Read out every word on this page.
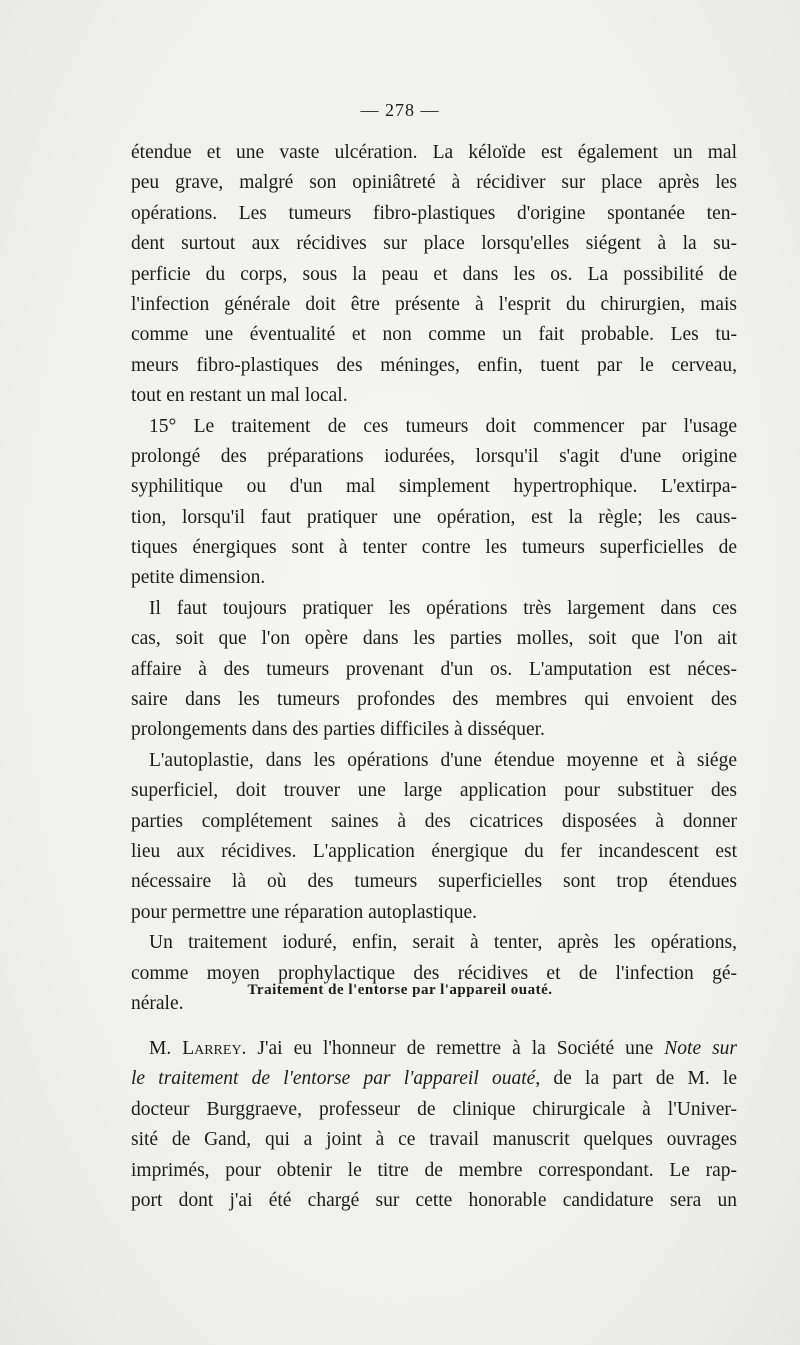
— 278 —
étendue et une vaste ulcération. La kéloïde est également un mal
peu grave, malgré son opiniâtreté à récidiver sur place après les
opérations. Les tumeurs fibro-plastiques d'origine spontanée ten-
dent surtout aux récidives sur place lorsqu'elles siégent à la su-
perficie du corps, sous la peau et dans les os. La possibilité de
l'infection générale doit être présente à l'esprit du chirurgien, mais
comme une éventualité et non comme un fait probable. Les tu-
meurs fibro-plastiques des méninges, enfin, tuent par le cerveau,
tout en restant un mal local.
15° Le traitement de ces tumeurs doit commencer par l'usage
prolongé des préparations iodurées, lorsqu'il s'agit d'une origine
syphilitique ou d'un mal simplement hypertrophique. L'extirpa-
tion, lorsqu'il faut pratiquer une opération, est la règle; les caus-
tiques énergiques sont à tenter contre les tumeurs superficielles de
petite dimension.
Il faut toujours pratiquer les opérations très largement dans ces
cas, soit que l'on opère dans les parties molles, soit que l'on ait
affaire à des tumeurs provenant d'un os. L'amputation est néces-
saire dans les tumeurs profondes des membres qui envoient des
prolongements dans des parties difficiles à disséquer.
L'autoplastie, dans les opérations d'une étendue moyenne et à siége
superficiel, doit trouver une large application pour substituer des
parties complétement saines à des cicatrices disposées à donner
lieu aux récidives. L'application énergique du fer incandescent est
nécessaire là où des tumeurs superficielles sont trop étendues
pour permettre une réparation autoplastique.
Un traitement ioduré, enfin, serait à tenter, après les opérations,
comme moyen prophylactique des récidives et de l'infection gé-
nérale.
Traitement de l'entorse par l'appareil ouaté.
M. Larrey. J'ai eu l'honneur de remettre à la Société une Note sur
le traitement de l'entorse par l'appareil ouaté, de la part de M. le
docteur Burggraeve, professeur de clinique chirurgicale à l'Univer-
sité de Gand, qui a joint à ce travail manuscrit quelques ouvrages
imprimés, pour obtenir le titre de membre correspondant. Le rap-
port dont j'ai été chargé sur cette honorable candidature sera un
